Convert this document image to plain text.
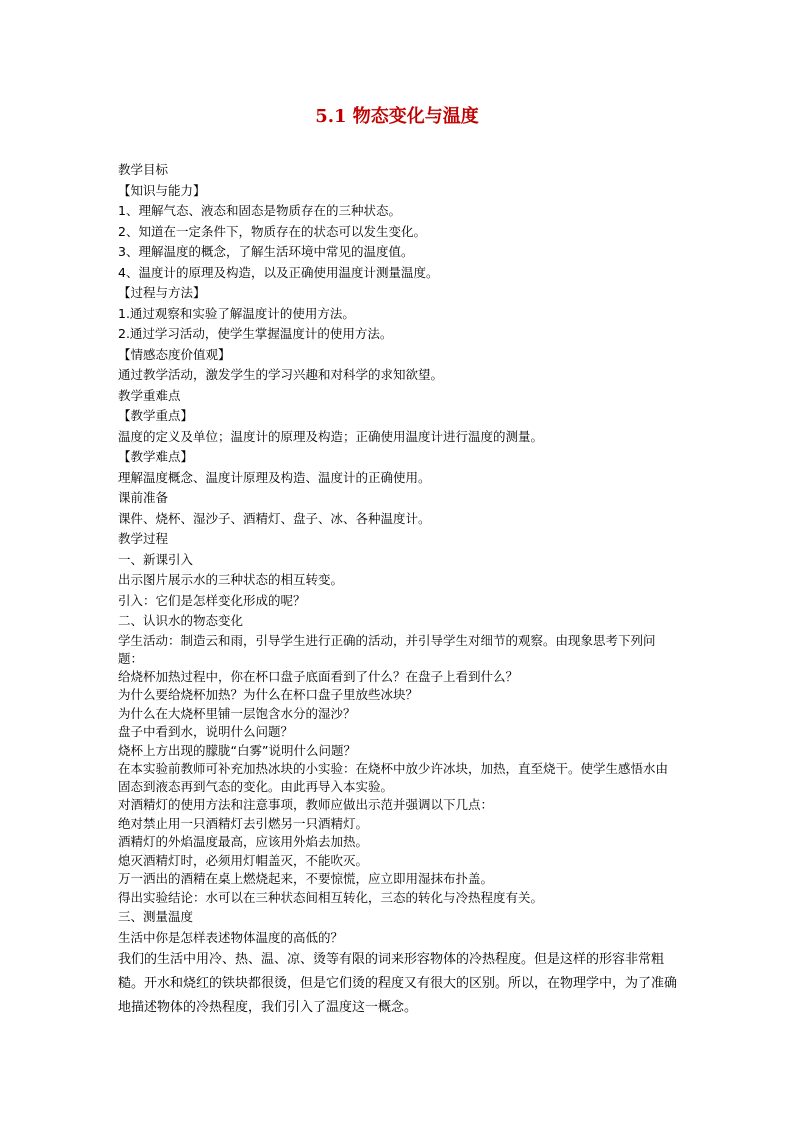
5.1 物态变化与温度
教学目标
【知识与能力】
1、理解气态、液态和固态是物质存在的三种状态。
2、知道在一定条件下，物质存在的状态可以发生变化。
3、理解温度的概念，了解生活环境中常见的温度值。
4、温度计的原理及构造，以及正确使用温度计测量温度。
【过程与方法】
1.通过观察和实验了解温度计的使用方法。
2.通过学习活动，使学生掌握温度计的使用方法。
【情感态度价值观】
通过教学活动，激发学生的学习兴趣和对科学的求知欲望。
教学重难点
【教学重点】
温度的定义及单位；温度计的原理及构造；正确使用温度计进行温度的测量。
【教学难点】
理解温度概念、温度计原理及构造、温度计的正确使用。
课前准备
课件、烧杯、湿沙子、酒精灯、盘子、冰、各种温度计。
教学过程
一、新课引入
出示图片展示水的三种状态的相互转变。
引入：它们是怎样变化形成的呢？
二、认识水的物态变化
学生活动：制造云和雨，引导学生进行正确的活动，并引导学生对细节的观察。由现象思考下列问题：
给烧杯加热过程中，你在杯口盘子底面看到了什么？在盘子上看到什么？
为什么要给烧杯加热？为什么在杯口盘子里放些冰块？
为什么在大烧杯里铺一层饱含水分的湿沙？
盘子中看到水，说明什么问题？
烧杯上方出现的朦胧“白雾”说明什么问题？
在本实验前教师可补充加热冰块的小实验：在烧杯中放少许冰块，加热，直至烧干。使学生感悟水由固态到液态再到气态的变化。由此再导入本实验。
对酒精灯的使用方法和注意事项，教师应做出示范并强调以下几点：
绝对禁止用一只酒精灯去引燃另一只酒精灯。
酒精灯的外焰温度最高，应该用外焰去加热。
熄灭酒精灯时，必须用灯帽盖灭，不能吹灭。
万一洒出的酒精在桌上燃烧起来，不要惊慌，应立即用湿抹布扑盖。
得出实验结论：水可以在三种状态间相互转化，三态的转化与冷热程度有关。
三、测量温度
生活中你是怎样表述物体温度的高低的？
我们的生活中用冷、热、温、凉、烫等有限的词来形容物体的冷热程度。但是这样的形容非常粗糙。开水和烧红的铁块都很烫，但是它们烫的程度又有很大的区别。所以，在物理学中，为了准确地描述物体的冷热程度，我们引入了温度这一概念。
